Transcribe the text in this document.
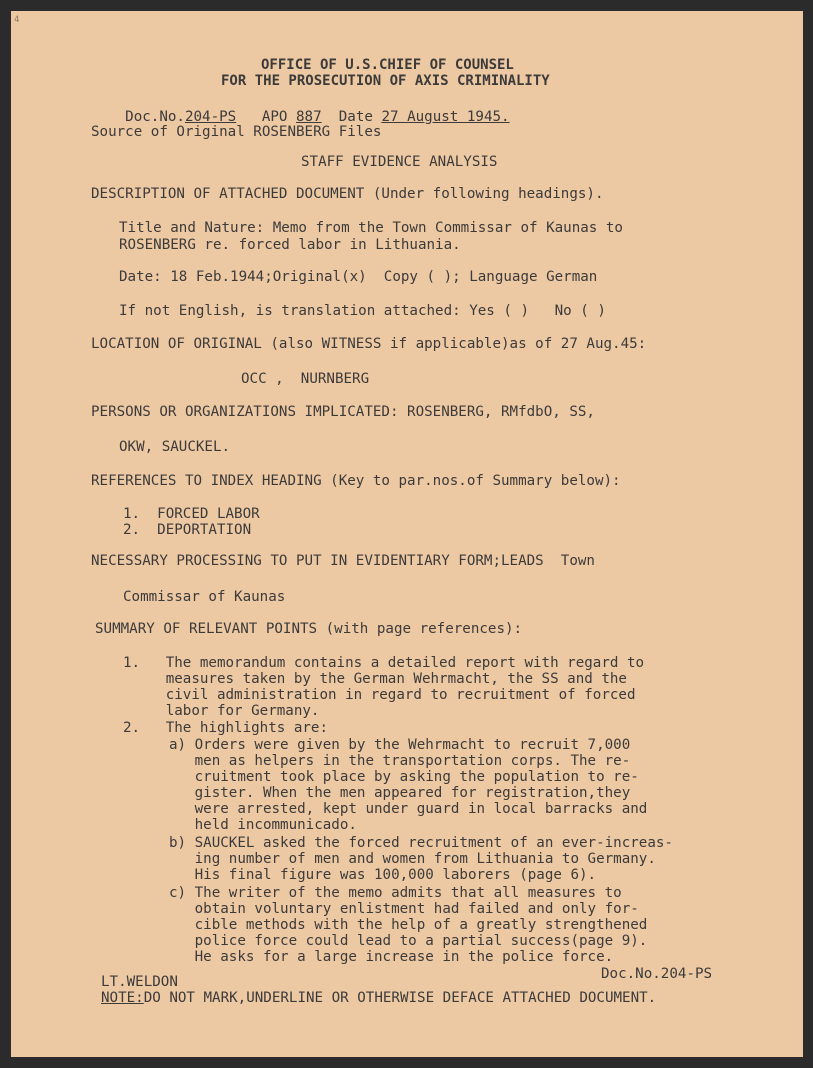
4
OFFICE OF U.S.CHIEF OF COUNSEL
FOR THE PROSECUTION OF AXIS CRIMINALITY

Doc.No.204-PS APO 887 Date 27 August 1945.

Source of Original ROSENBERG Files
STAFF EVIDENCE ANALYSIS
DESCRIPTION OF ATTACHED DOCUMENT (Under following headings).
Title and Nature: Memo from the Town Commissar of Kaunas to
ROSENBERG re. forced labor in Lithuania.
Date: 18 Feb.1944;Original(x)  Copy ( ); Language German
If not English, is translation attached: Yes ( )   No ( )
LOCATION OF ORIGINAL (also WITNESS if applicable)as of 27 Aug.45:
OCC ,  NURNBERG
PERSONS OR ORGANIZATIONS IMPLICATED: ROSENBERG, RMfdbO, SS,
OKW, SAUCKEL.
REFERENCES TO INDEX HEADING (Key to par.nos.of Summary below):
1.  FORCED LABOR
2.  DEPORTATION
NECESSARY PROCESSING TO PUT IN EVIDENTIARY FORM;LEADS  Town
Commissar of Kaunas
SUMMARY OF RELEVANT POINTS (with page references):
1.   The memorandum contains a detailed report with regard to
measures taken by the German Wehrmacht, the SS and the
civil administration in regard to recruitment of forced
labor for Germany.
2.   The highlights are:
a) Orders were given by the Wehrmacht to recruit 7,000
men as helpers in the transportation corps. The re-
cruitment took place by asking the population to re-
gister. When the men appeared for registration,they
were arrested, kept under guard in local barracks and
held incommunicado.
b) SAUCKEL asked the forced recruitment of an ever-increas-
ing number of men and women from Lithuania to Germany.
His final figure was 100,000 laborers (page 6).
c) The writer of the memo admits that all measures to
obtain voluntary enlistment had failed and only for-
cible methods with the help of a greatly strengthened
police force could lead to a partial success(page 9).
He asks for a large increase in the police force.
LT.WELDON	Doc.No.204-PS
NOTE:DO NOT MARK,UNDERLINE OR OTHERWISE DEFACE ATTACHED DOCUMENT.
